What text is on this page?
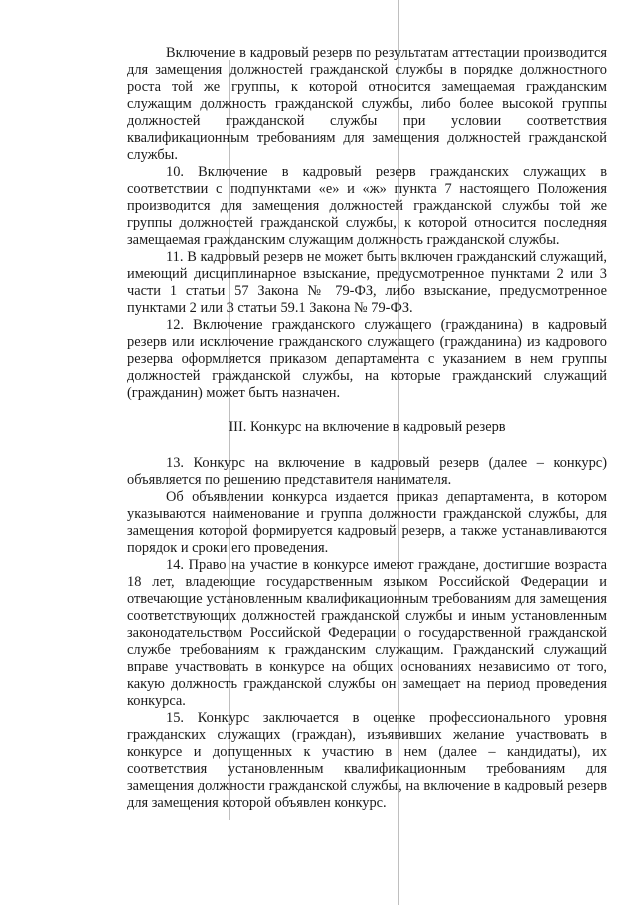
Включение в кадровый резерв по результатам аттестации производится для замещения должностей гражданской службы в порядке должностного роста той же группы, к которой относится замещаемая гражданским служащим должность гражданской службы, либо более высокой группы должностей гражданской службы при условии соответствия квалификационным требованиям для замещения должностей гражданской службы.

10. Включение в кадровый резерв гражданских служащих в соответствии с подпунктами «е» и «ж» пункта 7 настоящего Положения производится для замещения должностей гражданской службы той же группы должностей гражданской службы, к которой относится последняя замещаемая гражданским служащим должность гражданской службы.

11. В кадровый резерв не может быть включен гражданский служащий, имеющий дисциплинарное взыскание, предусмотренное пунктами 2 или 3 части 1 статьи 57 Закона № 79-ФЗ, либо взыскание, предусмотренное пунктами 2 или 3 статьи 59.1 Закона № 79-ФЗ.

12. Включение гражданского служащего (гражданина) в кадровый резерв или исключение гражданского служащего (гражданина) из кадрового резерва оформляется приказом департамента с указанием в нем группы должностей гражданской службы, на которые гражданский служащий (гражданин) может быть назначен.

III. Конкурс на включение в кадровый резерв

13. Конкурс на включение в кадровый резерв (далее – конкурс) объявляется по решению представителя нанимателя.

Об объявлении конкурса издается приказ департамента, в котором указываются наименование и группа должности гражданской службы, для замещения которой формируется кадровый резерв, а также устанавливаются порядок и сроки его проведения.

14. Право на участие в конкурсе имеют граждане, достигшие возраста 18 лет, владеющие государственным языком Российской Федерации и отвечающие установленным квалификационным требованиям для замещения соответствующих должностей гражданской службы и иным установленным законодательством Российской Федерации о государственной гражданской службе требованиям к гражданским служащим. Гражданский служащий вправе участвовать в конкурсе на общих основаниях независимо от того, какую должность гражданской службы он замещает на период проведения конкурса.

15. Конкурс заключается в оценке профессионального уровня гражданских служащих (граждан), изъявивших желание участвовать в конкурсе и допущенных к участию в нем (далее – кандидаты), их соответствия установленным квалификационным требованиям для замещения должности гражданской службы, на включение в кадровый резерв для замещения которой объявлен конкурс.
